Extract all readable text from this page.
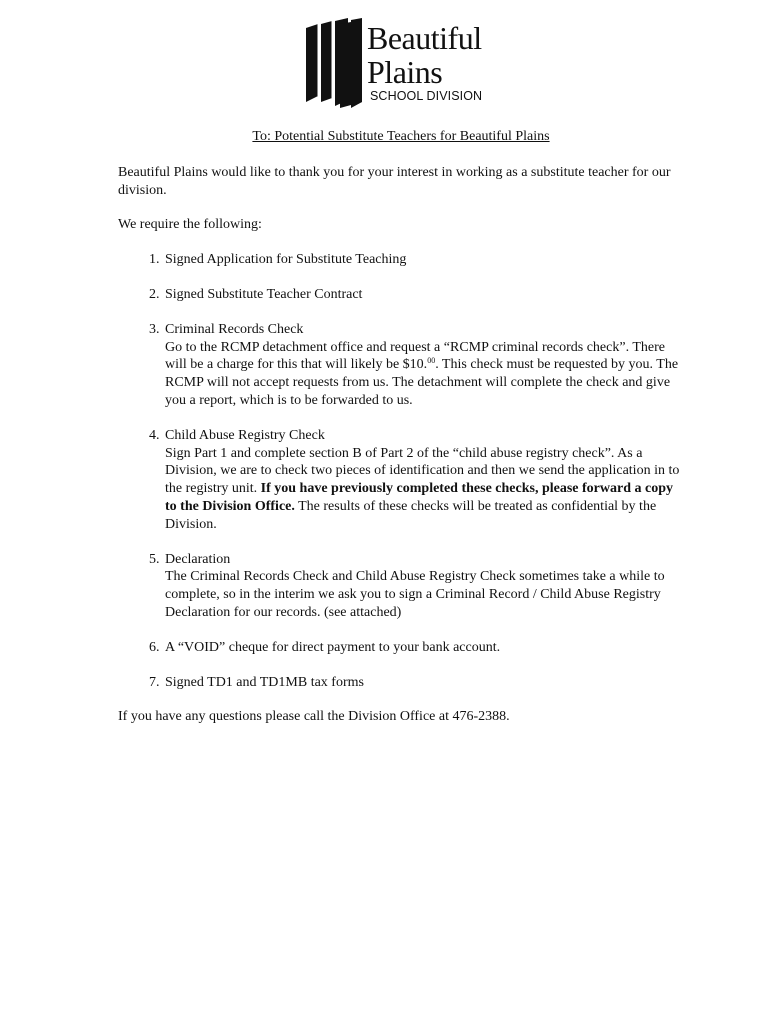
Beautiful
Plains
SCHOOL DIVISION
To: Potential Substitute Teachers for Beautiful Plains

Beautiful Plains would like to thank you for your interest in working as a substitute teacher for our division.

We require the following:

1. Signed Application for Substitute Teaching
2. Signed Substitute Teacher Contract
3. Criminal Records Check
Go to the RCMP detachment office and request a “RCMP criminal records check”. There will be a charge for this that will likely be $10.00. This check must be requested by you. The RCMP will not accept requests from us. The detachment will complete the check and give you a report, which is to be forwarded to us.
4. Child Abuse Registry Check
Sign Part 1 and complete section B of Part 2 of the “child abuse registry check”. As a Division, we are to check two pieces of identification and then we send the application in to the registry unit. If you have previously completed these checks, please forward a copy to the Division Office. The results of these checks will be treated as confidential by the Division.
5. Declaration
The Criminal Records Check and Child Abuse Registry Check sometimes take a while to complete, so in the interim we ask you to sign a Criminal Record / Child Abuse Registry Declaration for our records. (see attached)
6. A “VOID” cheque for direct payment to your bank account.
7. Signed TD1 and TD1MB tax forms

If you have any questions please call the Division Office at 476-2388.
